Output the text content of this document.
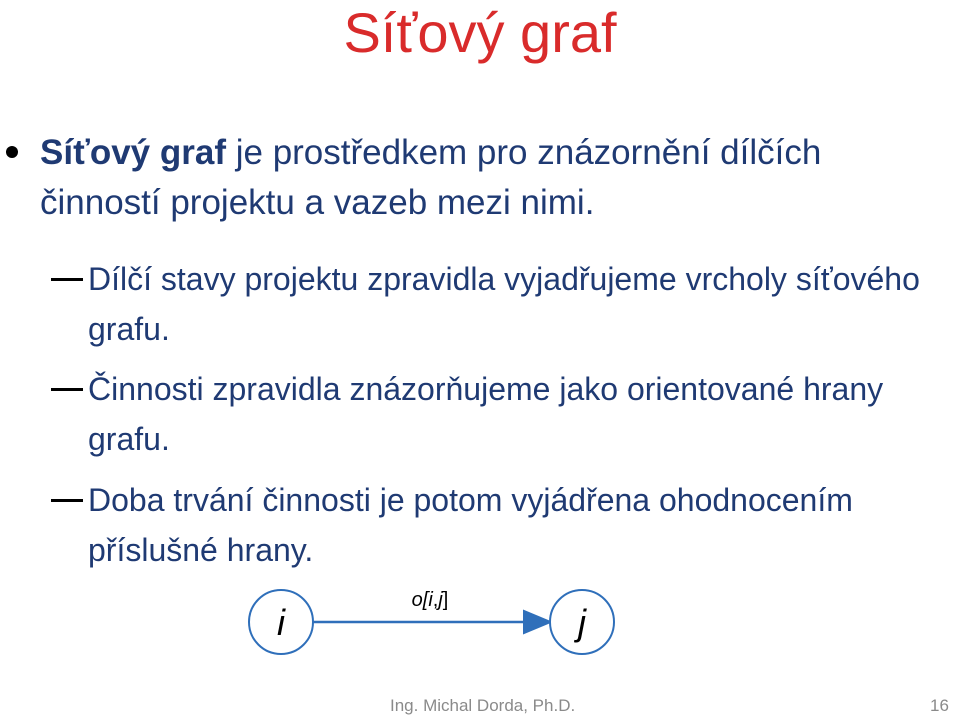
Síťový graf
Síťový graf je prostředkem pro znázornění dílčích činností projektu a vazeb mezi nimi.
Dílčí stavy projektu zpravidla vyjadřujeme vrcholy síťového grafu.
Činnosti zpravidla znázorňujeme jako orientované hrany grafu.
Doba trvání činnosti je potom vyjádřena ohodnocením příslušné hrany.
i
o[i,j]
j
Ing. Michal Dorda, Ph.D.	16
